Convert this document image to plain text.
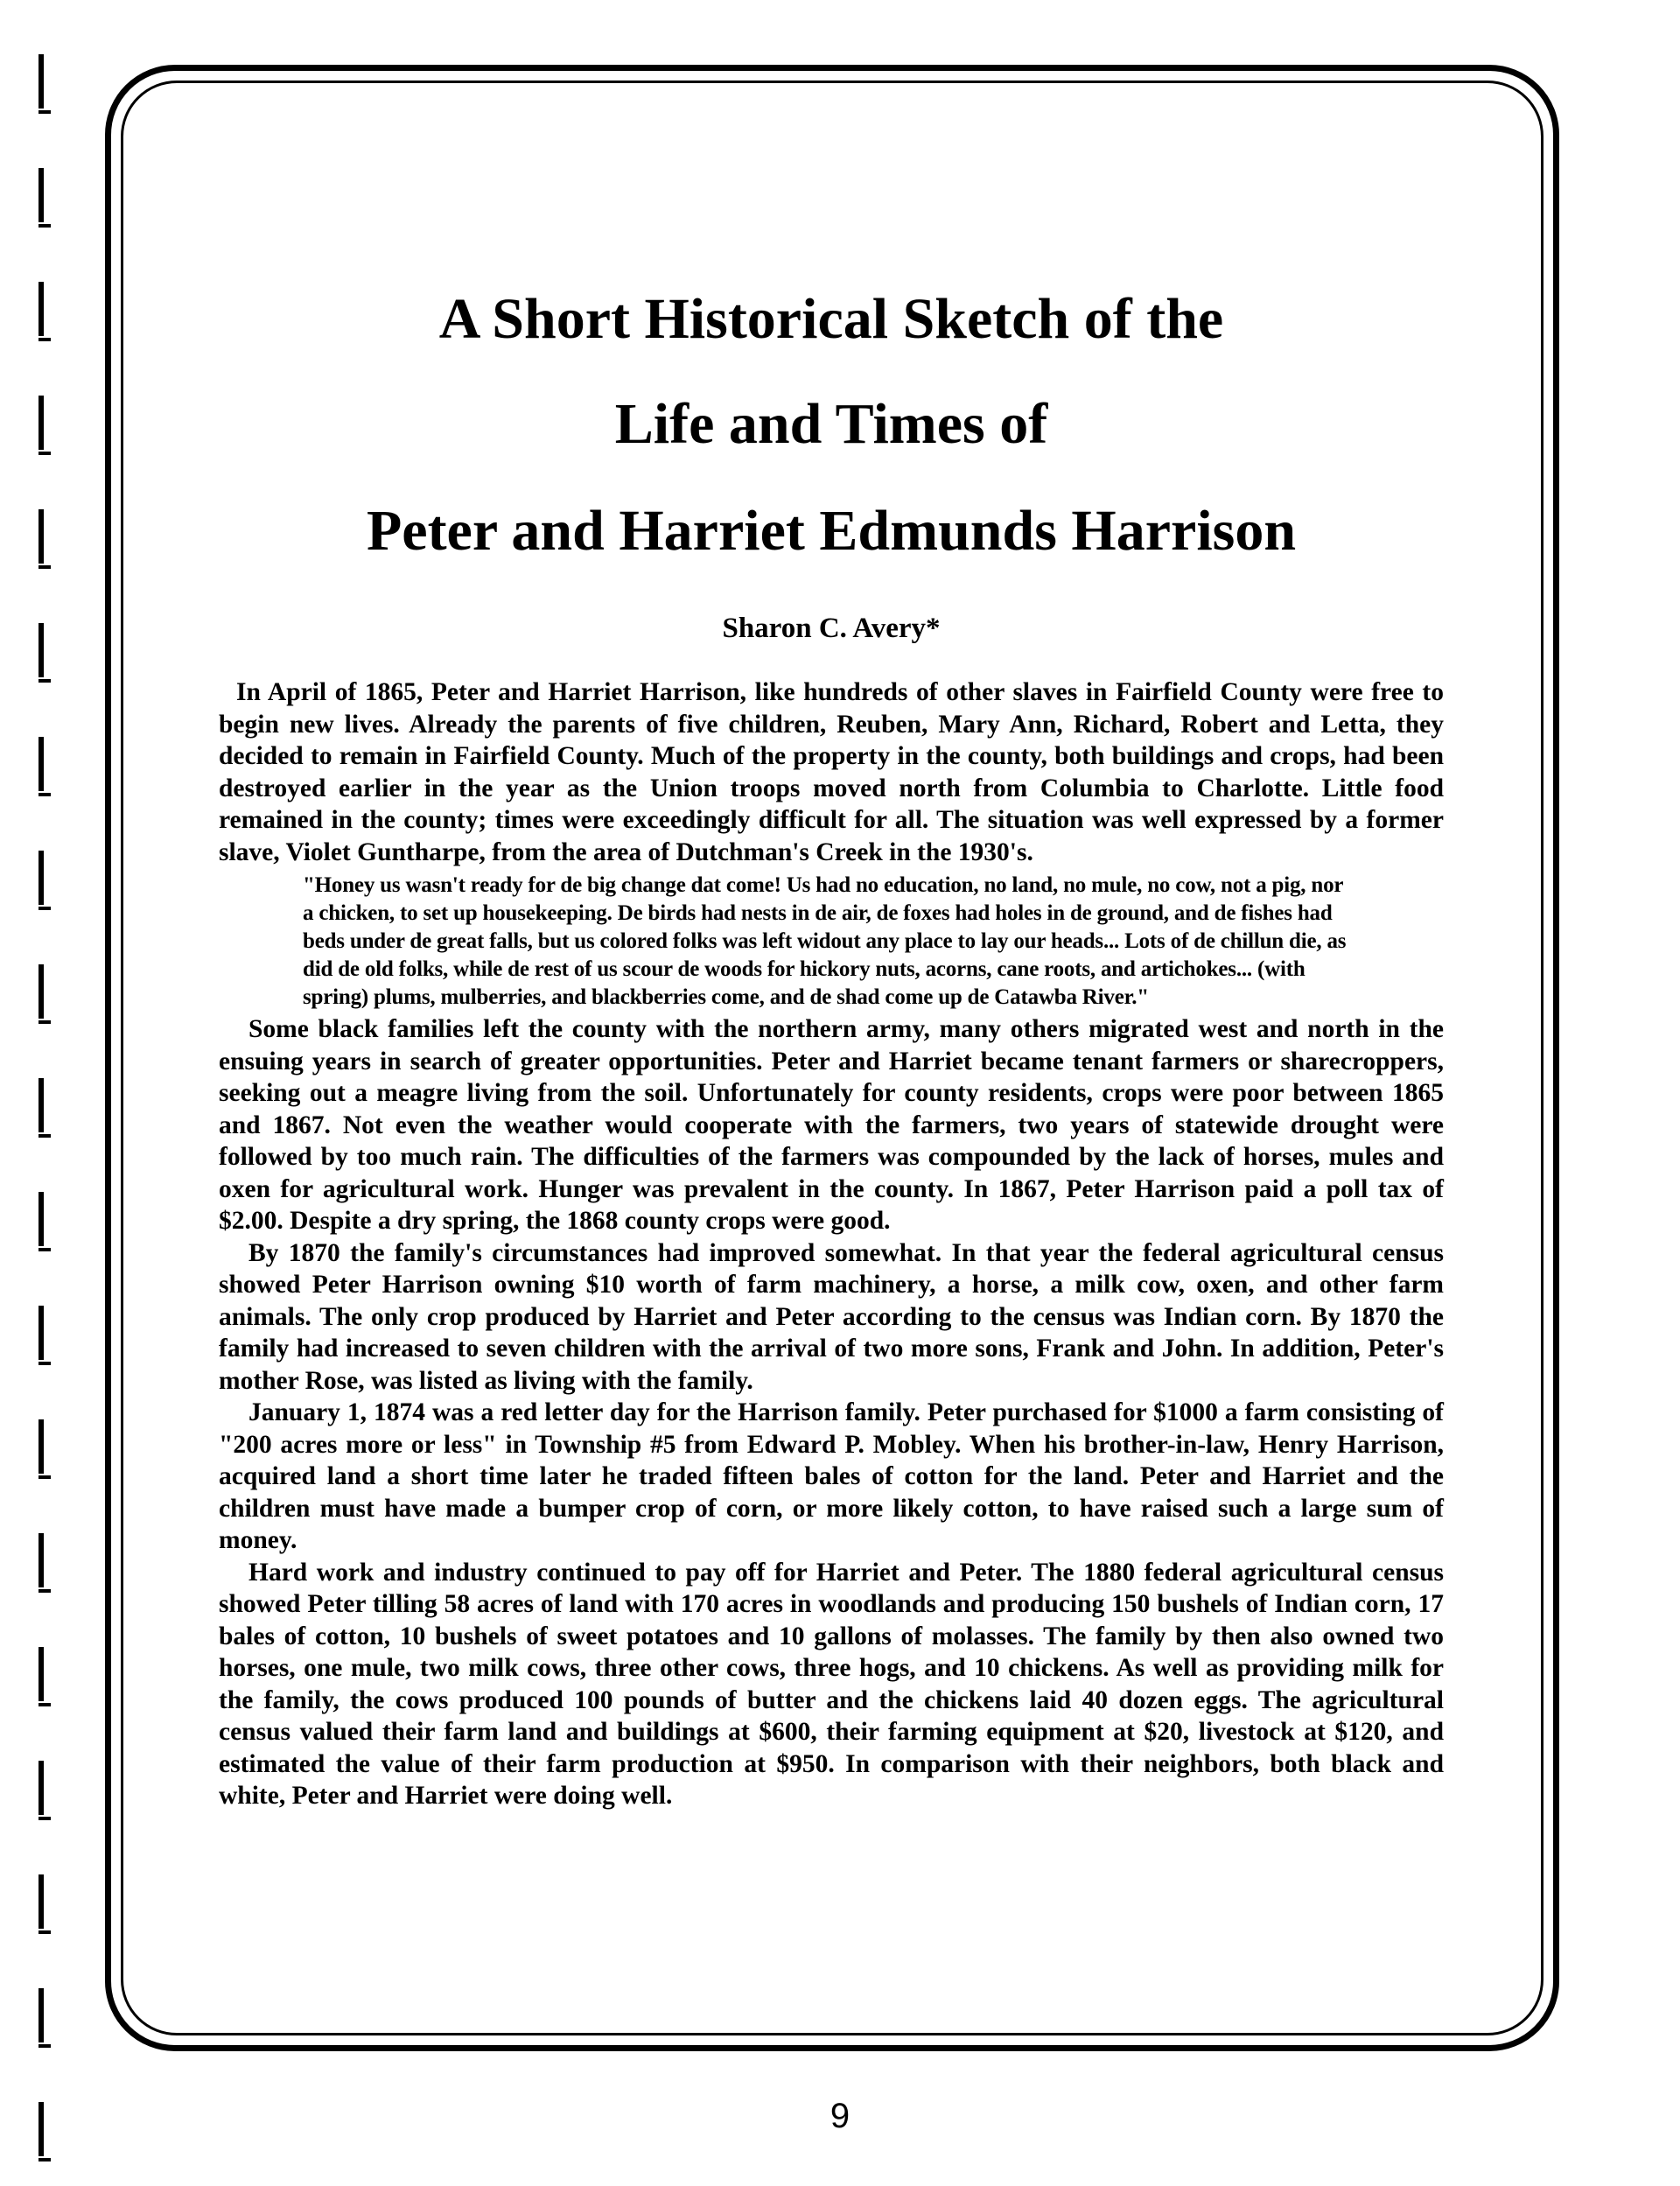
A Short Historical Sketch of the
Life and Times of
Peter and Harriet Edmunds Harrison
Sharon C. Avery*

In April of 1865, Peter and Harriet Harrison, like hundreds of other slaves in Fairfield County were free to begin new lives. Already the parents of five children, Reuben, Mary Ann, Richard, Robert and Letta, they decided to remain in Fairfield County. Much of the property in the county, both buildings and crops, had been destroyed earlier in the year as the Union troops moved north from Columbia to Charlotte. Little food remained in the county; times were exceedingly difficult for all. The situation was well expressed by a former slave, Violet Guntharpe, from the area of Dutchman's Creek in the 1930's.

"Honey us wasn't ready for de big change dat come! Us had no education, no land, no mule, no cow, not a pig, nor a chicken, to set up housekeeping. De birds had nests in de air, de foxes had holes in de ground, and de fishes had beds under de great falls, but us colored folks was left widout any place to lay our heads... Lots of de chillun die, as did de old folks, while de rest of us scour de woods for hickory nuts, acorns, cane roots, and artichokes... (with spring) plums, mulberries, and blackberries come, and de shad come up de Catawba River."

Some black families left the county with the northern army, many others migrated west and north in the ensuing years in search of greater opportunities. Peter and Harriet became tenant farmers or sharecroppers, seeking out a meagre living from the soil. Unfortunately for county residents, crops were poor between 1865 and 1867. Not even the weather would cooperate with the farmers, two years of statewide drought were followed by too much rain. The difficulties of the farmers was compounded by the lack of horses, mules and oxen for agricultural work. Hunger was prevalent in the county. In 1867, Peter Harrison paid a poll tax of $2.00. Despite a dry spring, the 1868 county crops were good.

By 1870 the family's circumstances had improved somewhat. In that year the federal agricultural census showed Peter Harrison owning $10 worth of farm machinery, a horse, a milk cow, oxen, and other farm animals. The only crop produced by Harriet and Peter according to the census was Indian corn. By 1870 the family had increased to seven children with the arrival of two more sons, Frank and John. In addition, Peter's mother Rose, was listed as living with the family.

January 1, 1874 was a red letter day for the Harrison family. Peter purchased for $1000 a farm consisting of "200 acres more or less" in Township #5 from Edward P. Mobley. When his brother-in-law, Henry Harrison, acquired land a short time later he traded fifteen bales of cotton for the land. Peter and Harriet and the children must have made a bumper crop of corn, or more likely cotton, to have raised such a large sum of money.

Hard work and industry continued to pay off for Harriet and Peter. The 1880 federal agricultural census showed Peter tilling 58 acres of land with 170 acres in woodlands and producing 150 bushels of Indian corn, 17 bales of cotton, 10 bushels of sweet potatoes and 10 gallons of molasses. The family by then also owned two horses, one mule, two milk cows, three other cows, three hogs, and 10 chickens. As well as providing milk for the family, the cows produced 100 pounds of butter and the chickens laid 40 dozen eggs. The agricultural census valued their farm land and buildings at $600, their farming equipment at $20, livestock at $120, and estimated the value of their farm production at $950. In comparison with their neighbors, both black and white, Peter and Harriet were doing well.

9
